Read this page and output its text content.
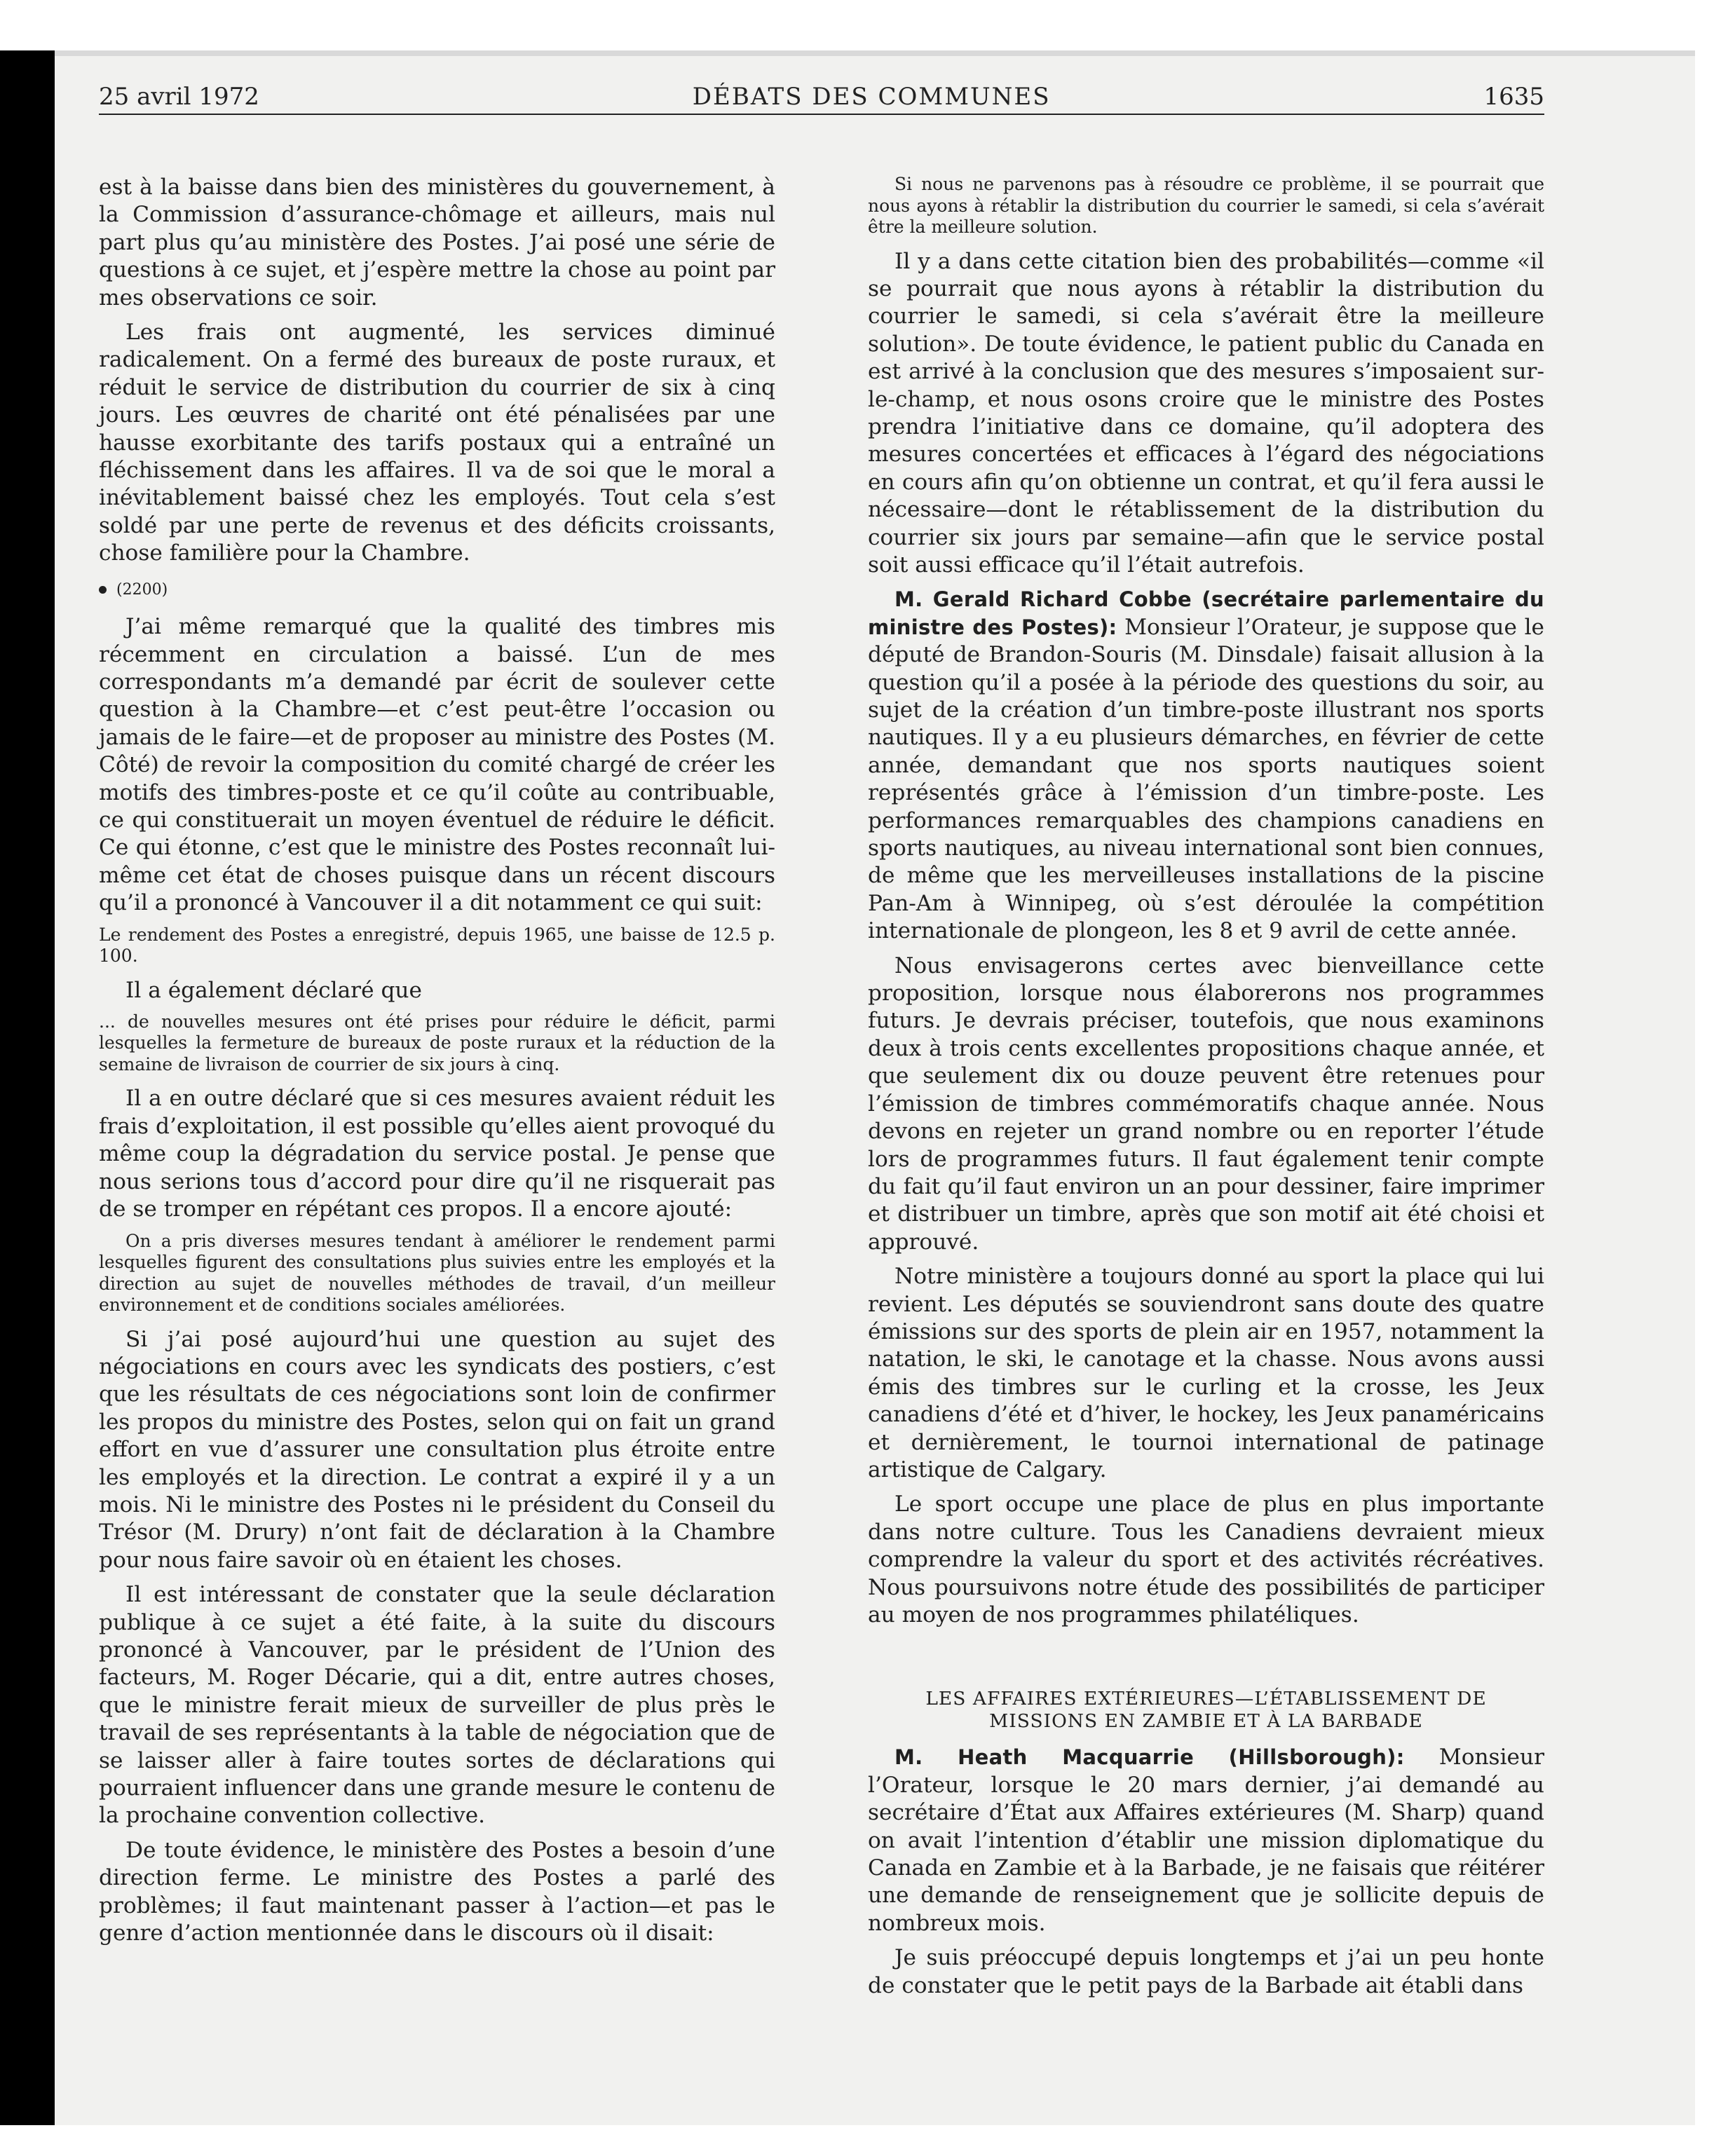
25 avril 1972	DÉBATS DES COMMUNES	1635

est à la baisse dans bien des ministères du gouvernement, à la Commission d’assurance-chômage et ailleurs, mais nul part plus qu’au ministère des Postes. J’ai posé une série de questions à ce sujet, et j’espère mettre la chose au point par mes observations ce soir.

Les frais ont augmenté, les services diminué radicalement. On a fermé des bureaux de poste ruraux, et réduit le service de distribution du courrier de six à cinq jours. Les œuvres de charité ont été pénalisées par une hausse exorbitante des tarifs postaux qui a entraîné un fléchissement dans les affaires. Il va de soi que le moral a inévitablement baissé chez les employés. Tout cela s’est soldé par une perte de revenus et des déficits croissants, chose familière pour la Chambre.

(2200)

J’ai même remarqué que la qualité des timbres mis récemment en circulation a baissé. L’un de mes correspondants m’a demandé par écrit de soulever cette question à la Chambre—et c’est peut-être l’occasion ou jamais de le faire—et de proposer au ministre des Postes (M. Côté) de revoir la composition du comité chargé de créer les motifs des timbres-poste et ce qu’il coûte au contribuable, ce qui constituerait un moyen éventuel de réduire le déficit. Ce qui étonne, c’est que le ministre des Postes reconnaît lui-même cet état de choses puisque dans un récent discours qu’il a prononcé à Vancouver il a dit notamment ce qui suit:

Le rendement des Postes a enregistré, depuis 1965, une baisse de 12.5 p. 100.

Il a également déclaré que

... de nouvelles mesures ont été prises pour réduire le déficit, parmi lesquelles la fermeture de bureaux de poste ruraux et la réduction de la semaine de livraison de courrier de six jours à cinq.

Il a en outre déclaré que si ces mesures avaient réduit les frais d’exploitation, il est possible qu’elles aient provoqué du même coup la dégradation du service postal. Je pense que nous serions tous d’accord pour dire qu’il ne risquerait pas de se tromper en répétant ces propos. Il a encore ajouté:

On a pris diverses mesures tendant à améliorer le rendement parmi lesquelles figurent des consultations plus suivies entre les employés et la direction au sujet de nouvelles méthodes de travail, d’un meilleur environnement et de conditions sociales améliorées.

Si j’ai posé aujourd’hui une question au sujet des négociations en cours avec les syndicats des postiers, c’est que les résultats de ces négociations sont loin de confirmer les propos du ministre des Postes, selon qui on fait un grand effort en vue d’assurer une consultation plus étroite entre les employés et la direction. Le contrat a expiré il y a un mois. Ni le ministre des Postes ni le président du Conseil du Trésor (M. Drury) n’ont fait de déclaration à la Chambre pour nous faire savoir où en étaient les choses.

Il est intéressant de constater que la seule déclaration publique à ce sujet a été faite, à la suite du discours prononcé à Vancouver, par le président de l’Union des facteurs, M. Roger Décarie, qui a dit, entre autres choses, que le ministre ferait mieux de surveiller de plus près le travail de ses représentants à la table de négociation que de se laisser aller à faire toutes sortes de déclarations qui pourraient influencer dans une grande mesure le contenu de la prochaine convention collective.

De toute évidence, le ministère des Postes a besoin d’une direction ferme. Le ministre des Postes a parlé des problèmes; il faut maintenant passer à l’action—et pas le genre d’action mentionnée dans le discours où il disait:

Si nous ne parvenons pas à résoudre ce problème, il se pourrait que nous ayons à rétablir la distribution du courrier le samedi, si cela s’avérait être la meilleure solution.

Il y a dans cette citation bien des probabilités—comme «il se pourrait que nous ayons à rétablir la distribution du courrier le samedi, si cela s’avérait être la meilleure solution». De toute évidence, le patient public du Canada en est arrivé à la conclusion que des mesures s’imposaient sur-le-champ, et nous osons croire que le ministre des Postes prendra l’initiative dans ce domaine, qu’il adoptera des mesures concertées et efficaces à l’égard des négociations en cours afin qu’on obtienne un contrat, et qu’il fera aussi le nécessaire—dont le rétablissement de la distribution du courrier six jours par semaine—afin que le service postal soit aussi efficace qu’il l’était autrefois.

M. Gerald Richard Cobbe (secrétaire parlementaire du ministre des Postes): Monsieur l’Orateur, je suppose que le député de Brandon-Souris (M. Dinsdale) faisait allusion à la question qu’il a posée à la période des questions du soir, au sujet de la création d’un timbre-poste illustrant nos sports nautiques. Il y a eu plusieurs démarches, en février de cette année, demandant que nos sports nautiques soient représentés grâce à l’émission d’un timbre-poste. Les performances remarquables des champions canadiens en sports nautiques, au niveau international sont bien connues, de même que les merveilleuses installations de la piscine Pan-Am à Winnipeg, où s’est déroulée la compétition internationale de plongeon, les 8 et 9 avril de cette année.

Nous envisagerons certes avec bienveillance cette proposition, lorsque nous élaborerons nos programmes futurs. Je devrais préciser, toutefois, que nous examinons deux à trois cents excellentes propositions chaque année, et que seulement dix ou douze peuvent être retenues pour l’émission de timbres commémoratifs chaque année. Nous devons en rejeter un grand nombre ou en reporter l’étude lors de programmes futurs. Il faut également tenir compte du fait qu’il faut environ un an pour dessiner, faire imprimer et distribuer un timbre, après que son motif ait été choisi et approuvé.

Notre ministère a toujours donné au sport la place qui lui revient. Les députés se souviendront sans doute des quatre émissions sur des sports de plein air en 1957, notamment la natation, le ski, le canotage et la chasse. Nous avons aussi émis des timbres sur le curling et la crosse, les Jeux canadiens d’été et d’hiver, le hockey, les Jeux panaméricains et dernièrement, le tournoi international de patinage artistique de Calgary.

Le sport occupe une place de plus en plus importante dans notre culture. Tous les Canadiens devraient mieux comprendre la valeur du sport et des activités récréatives. Nous poursuivons notre étude des possibilités de participer au moyen de nos programmes philatéliques.

LES AFFAIRES EXTÉRIEURES—L’ÉTABLISSEMENT DE
MISSIONS EN ZAMBIE ET À LA BARBADE

M. Heath Macquarrie (Hillsborough): Monsieur l’Orateur, lorsque le 20 mars dernier, j’ai demandé au secrétaire d’État aux Affaires extérieures (M. Sharp) quand on avait l’intention d’établir une mission diplomatique du Canada en Zambie et à la Barbade, je ne faisais que réitérer une demande de renseignement que je sollicite depuis de nombreux mois.

Je suis préoccupé depuis longtemps et j’ai un peu honte de constater que le petit pays de la Barbade ait établi dans
